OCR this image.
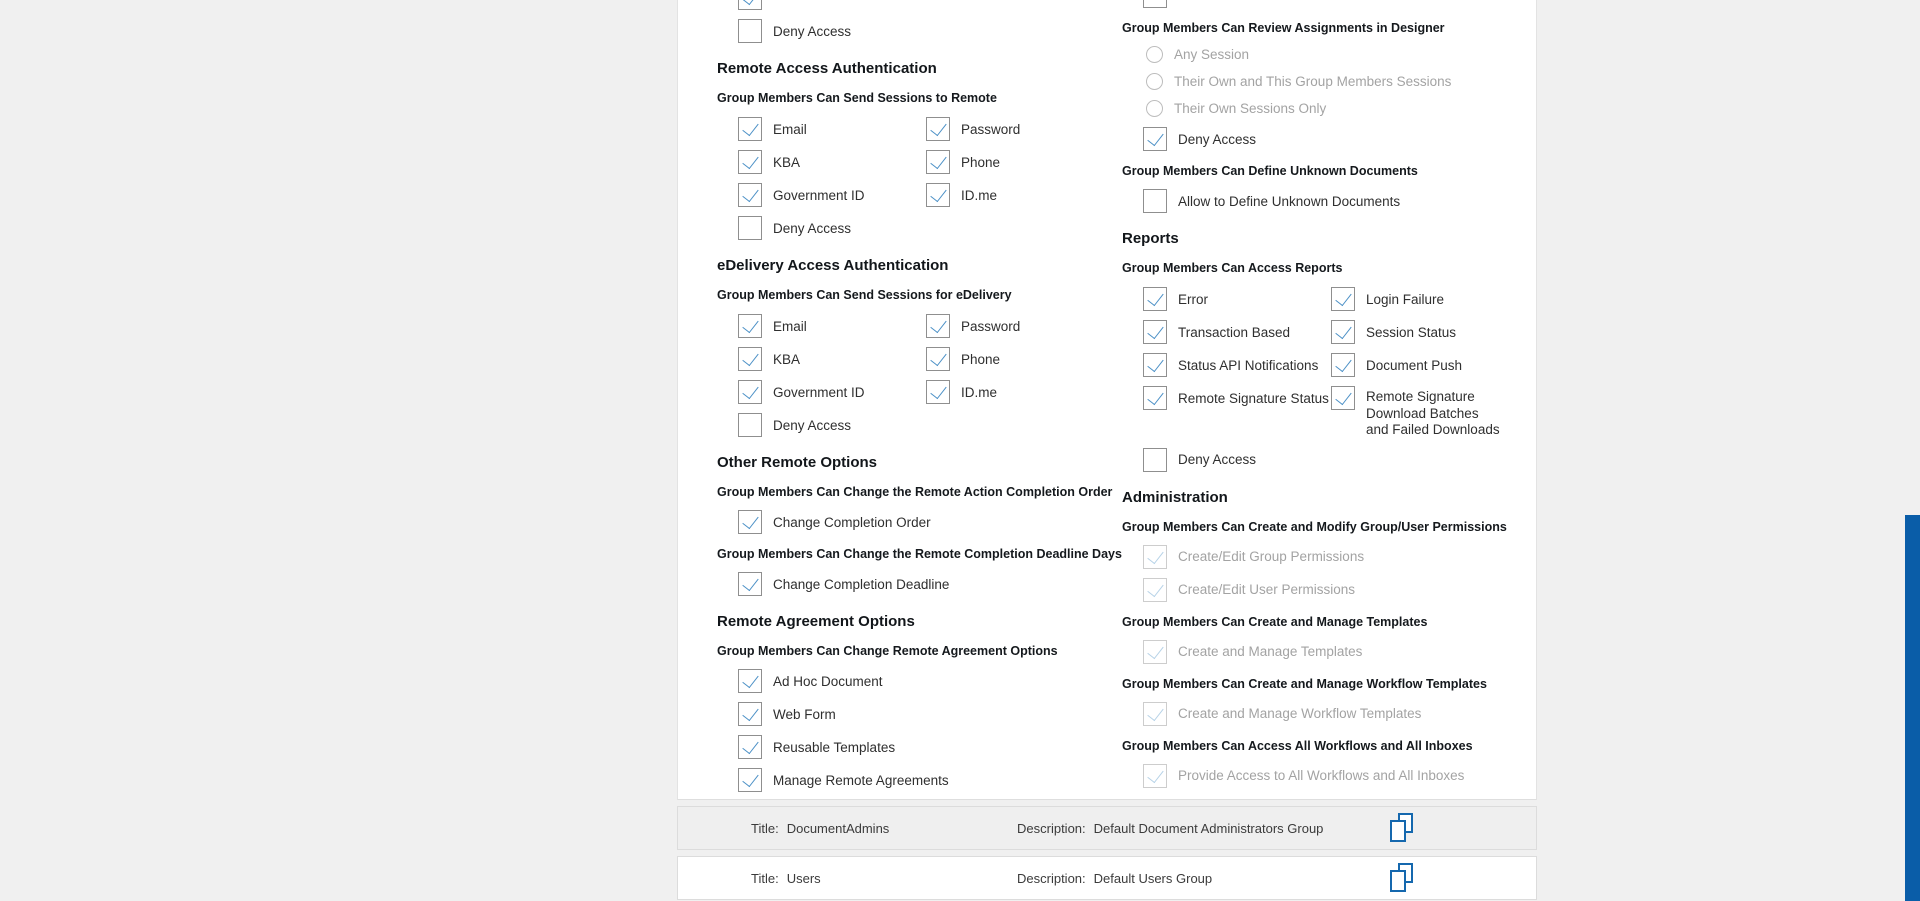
Deny Access
Remote Access Authentication
Group Members Can Send Sessions to Remote
Email	Password
KBA	Phone
Government ID	ID.me
Deny Access
eDelivery Access Authentication
Group Members Can Send Sessions for eDelivery
Email	Password
KBA	Phone
Government ID	ID.me
Deny Access
Other Remote Options
Group Members Can Change the Remote Action Completion Order
Change Completion Order
Group Members Can Change the Remote Completion Deadline Days
Change Completion Deadline
Remote Agreement Options
Group Members Can Change Remote Agreement Options
Ad Hoc Document
Web Form
Reusable Templates
Manage Remote Agreements
Group Members Can Review Assignments in Designer
Any Session
Their Own and This Group Members Sessions
Their Own Sessions Only
Deny Access
Group Members Can Define Unknown Documents
Allow to Define Unknown Documents
Reports
Group Members Can Access Reports
Error	Login Failure
Transaction Based	Session Status
Status API Notifications	Document Push
Remote Signature Status	Remote Signature Download Batches and Failed Downloads
Deny Access
Administration
Group Members Can Create and Modify Group/User Permissions
Create/Edit Group Permissions
Create/Edit User Permissions
Group Members Can Create and Manage Templates
Create and Manage Templates
Group Members Can Create and Manage Workflow Templates
Create and Manage Workflow Templates
Group Members Can Access All Workflows and All Inboxes
Provide Access to All Workflows and All Inboxes
Title: DocumentAdmins	Description: Default Document Administrators Group
Title: Users	Description: Default Users Group
